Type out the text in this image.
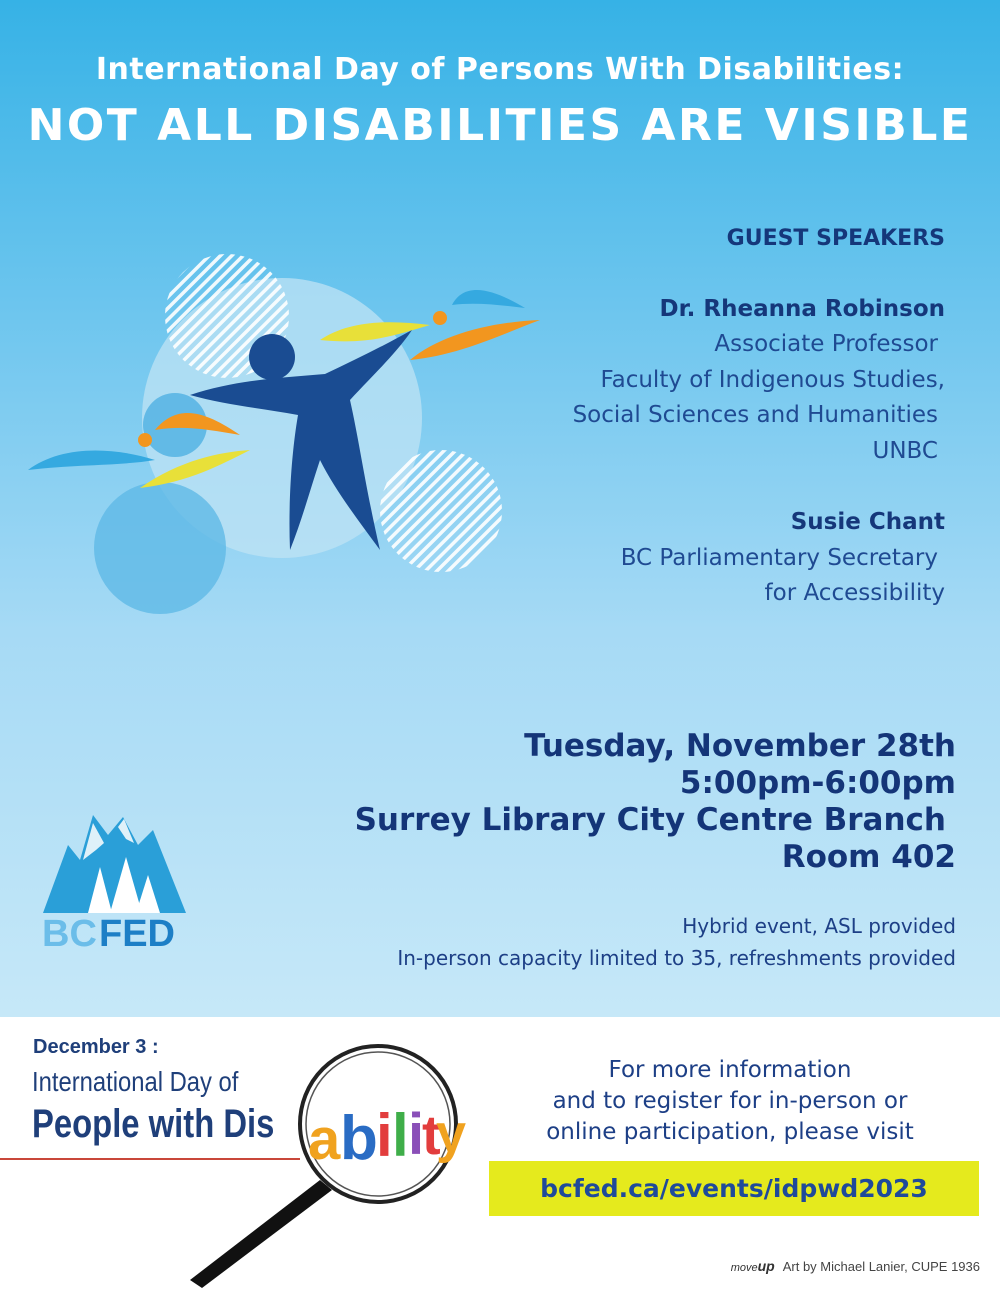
International Day of Persons With Disabilities:
NOT ALL DISABILITIES ARE VISIBLE
GUEST SPEAKERS
Dr. Rheanna Robinson
Associate Professor
Faculty of Indigenous Studies,
Social Sciences and Humanities
UNBC
Susie Chant
BC Parliamentary Secretary
for Accessibility
Tuesday, November 28th
5:00pm-6:00pm
Surrey Library City Centre Branch
Room 402
Hybrid event, ASL provided
In-person capacity limited to 35, refreshments provided
BC FED
December 3 :
International Day of
People with Dis a b
i l i
t
y
For more information
and to register for in-person or
online participation, please visit
bcfed.ca/events/idpwd2023
moveup Art by Michael Lanier, CUPE 1936
